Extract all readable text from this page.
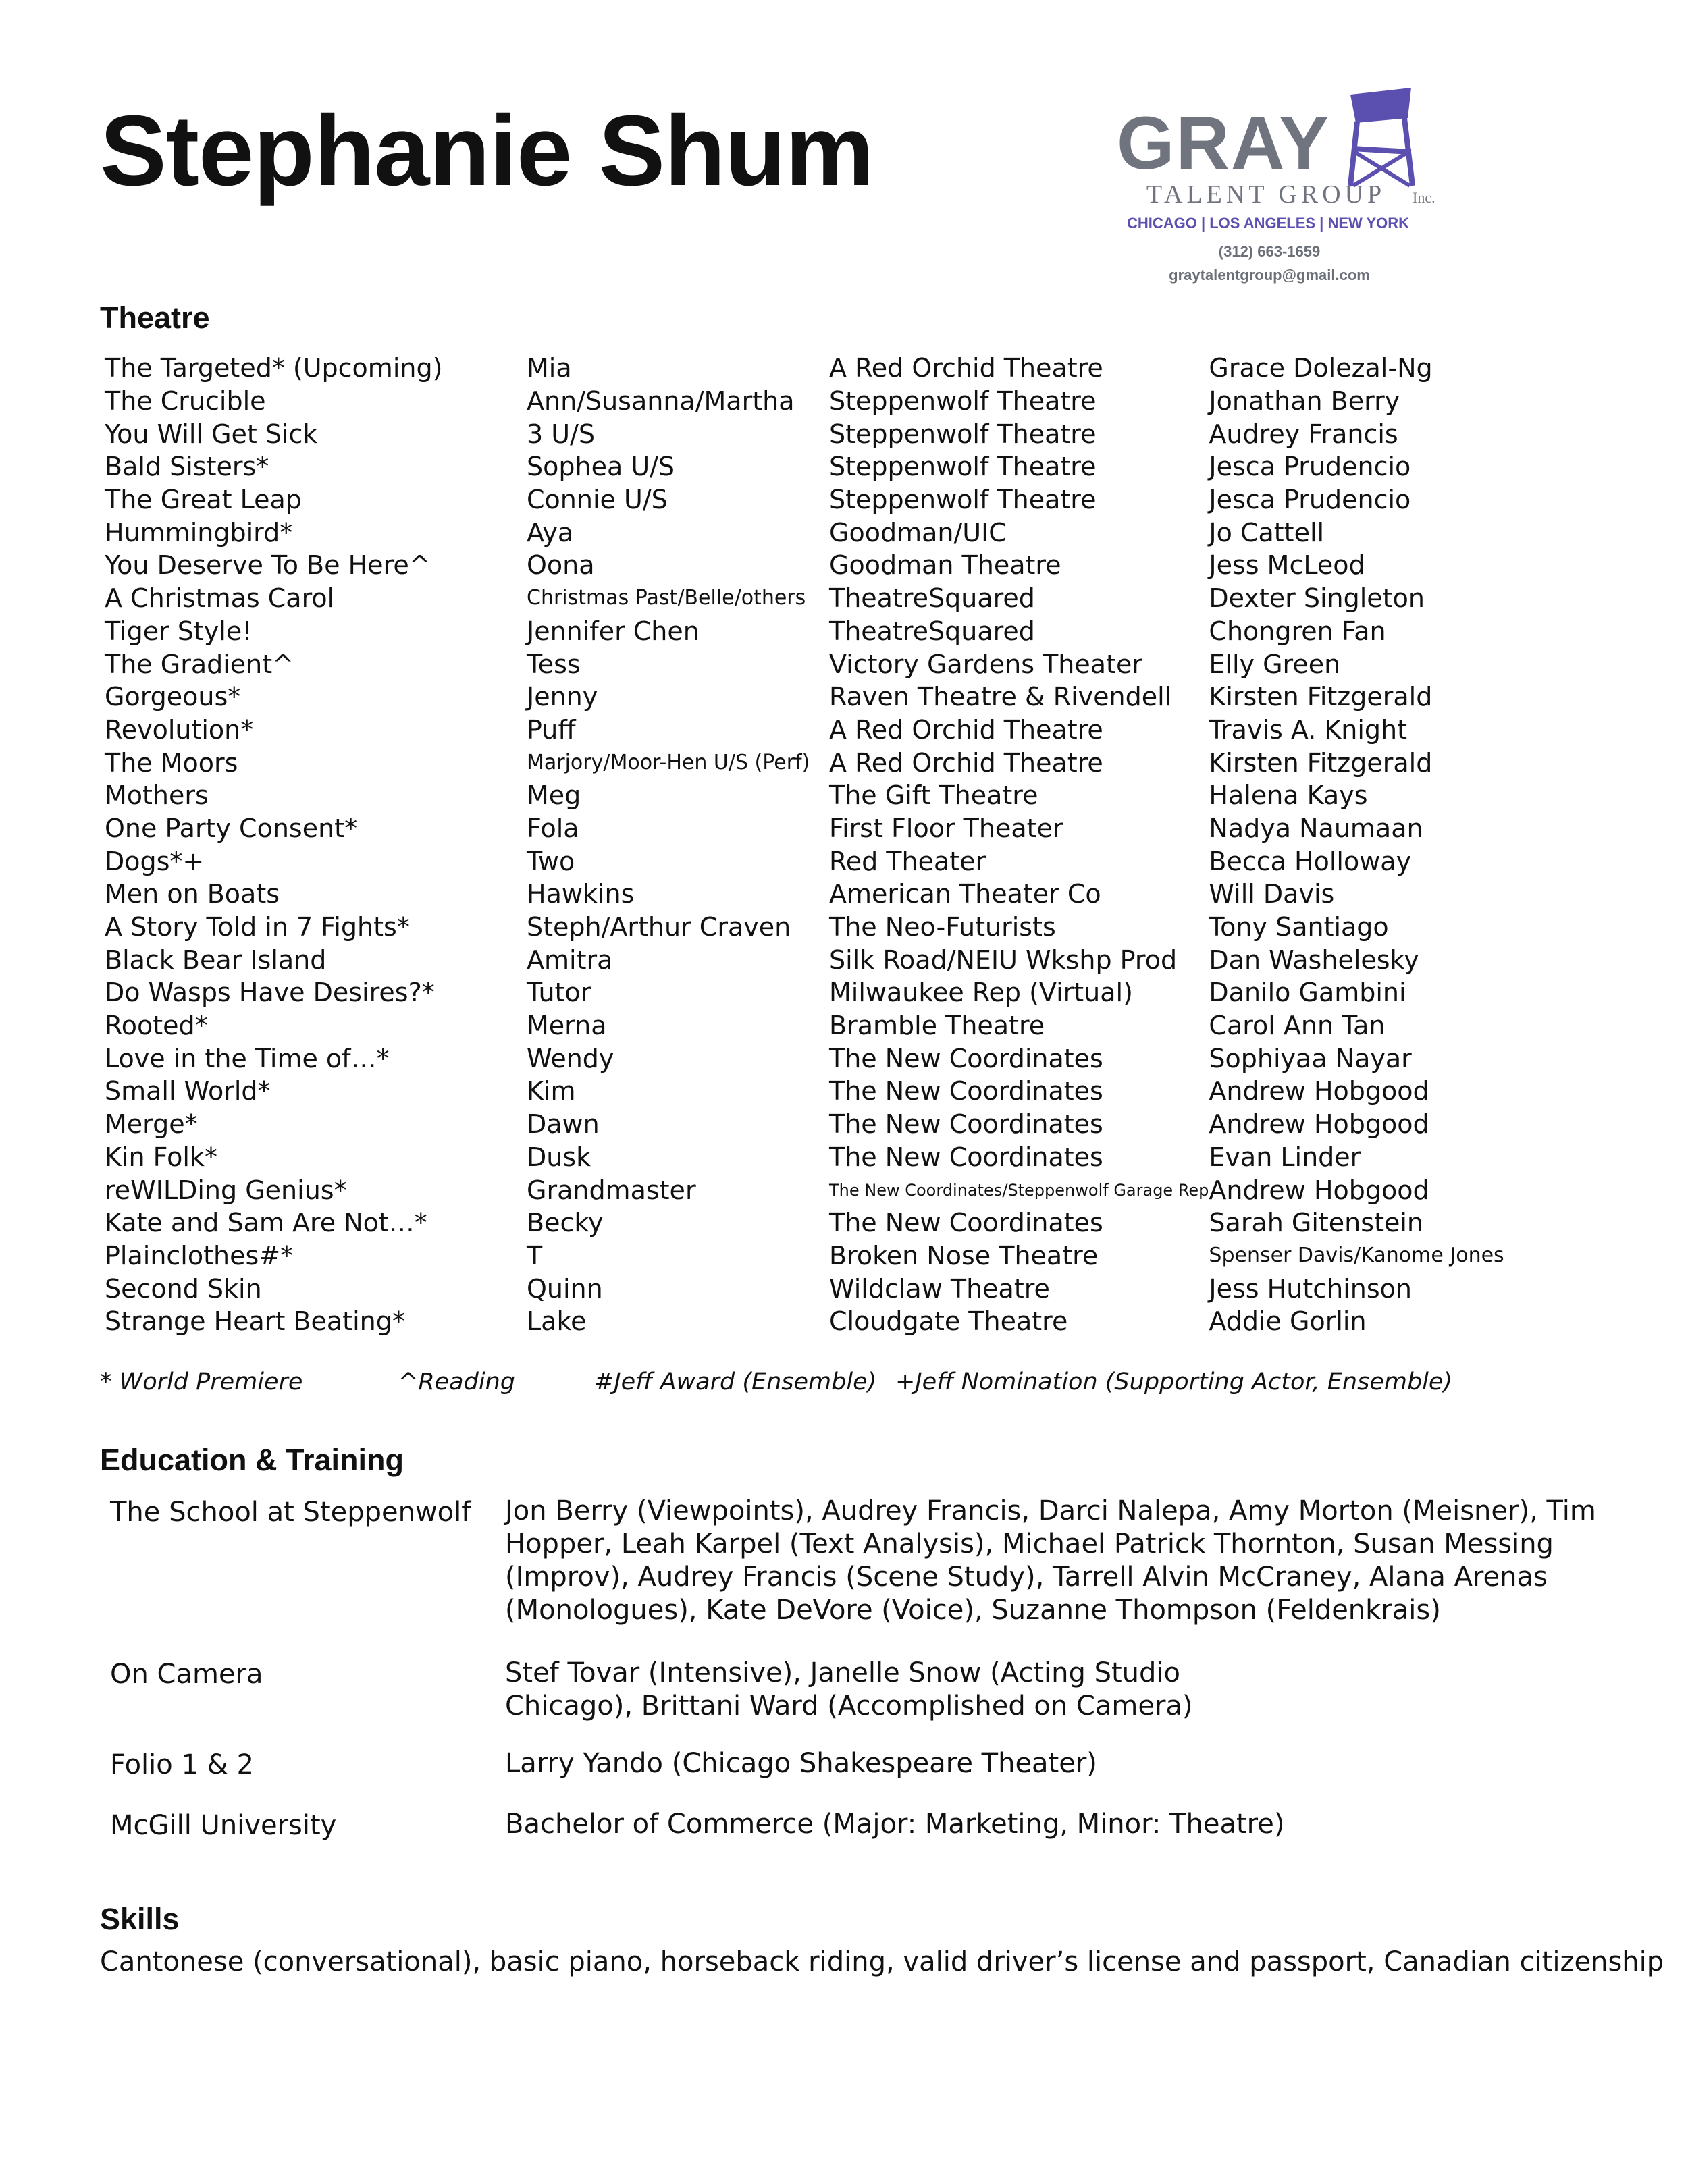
Stephanie Shum	GRAY
TALENT GROUP	Inc.
CHICAGO | LOS ANGELES | NEW YORK
(312) 663-1659
graytalentgroup@gmail.com
Theatre
The Targeted* (Upcoming)	Mia	A Red Orchid Theatre	Grace Dolezal-Ng
The Crucible	Ann/Susanna/Martha	Steppenwolf Theatre	Jonathan Berry
You Will Get Sick	3 U/S	Steppenwolf Theatre	Audrey Francis
Bald Sisters*	Sophea U/S	Steppenwolf Theatre	Jesca Prudencio
The Great Leap	Connie U/S	Steppenwolf Theatre	Jesca Prudencio
Hummingbird*	Aya	Goodman/UIC	Jo Cattell
You Deserve To Be Here^	Oona	Goodman Theatre	Jess McLeod
A Christmas Carol	Christmas Past/Belle/others	TheatreSquared	Dexter Singleton
Tiger Style!	Jennifer Chen	TheatreSquared	Chongren Fan
The Gradient^	Tess	Victory Gardens Theater	Elly Green
Gorgeous*	Jenny	Raven Theatre & Rivendell	Kirsten Fitzgerald
Revolution*	Puff	A Red Orchid Theatre	Travis A. Knight
The Moors	Marjory/Moor-Hen U/S (Perf)	A Red Orchid Theatre	Kirsten Fitzgerald
Mothers	Meg	The Gift Theatre	Halena Kays
One Party Consent*	Fola	First Floor Theater	Nadya Naumaan
Dogs*+	Two	Red Theater	Becca Holloway
Men on Boats	Hawkins	American Theater Co	Will Davis
A Story Told in 7 Fights*	Steph/Arthur Craven	The Neo-Futurists	Tony Santiago
Black Bear Island	Amitra	Silk Road/NEIU Wkshp Prod	Dan Washelesky
Do Wasps Have Desires?*	Tutor	Milwaukee Rep (Virtual)	Danilo Gambini
Rooted*	Merna	Bramble Theatre	Carol Ann Tan
Love in the Time of…*	Wendy	The New Coordinates	Sophiyaa Nayar
Small World*	Kim	The New Coordinates	Andrew Hobgood
Merge*	Dawn	The New Coordinates	Andrew Hobgood
Kin Folk*	Dusk	The New Coordinates	Evan Linder
reWILDing Genius*	Grandmaster	The New Coordinates/Steppenwolf Garage Rep	Andrew Hobgood
Kate and Sam Are Not…*	Becky	The New Coordinates	Sarah Gitenstein
Plainclothes#*	T	Broken Nose Theatre	Spenser Davis/Kanome Jones
Second Skin	Quinn	Wildclaw Theatre	Jess Hutchinson
Strange Heart Beating*	Lake	Cloudgate Theatre	Addie Gorlin
* World Premiere	^Reading	#Jeff Award (Ensemble) +Jeff Nomination (Supporting Actor, Ensemble)
Education & Training
The School at Steppenwolf Jon Berry (Viewpoints), Audrey Francis, Darci Nalepa, Amy Morton (Meisner), Tim Hopper, Leah Karpel (Text Analysis), Michael Patrick Thornton, Susan Messing (Improv), Audrey Francis (Scene Study), Tarrell Alvin McCraney, Alana Arenas (Monologues), Kate DeVore (Voice), Suzanne Thompson (Feldenkrais)
On Camera	Stef Tovar (Intensive), Janelle Snow (Acting Studio Chicago), Brittani Ward (Accomplished on Camera)
Folio 1 & 2	Larry Yando (Chicago Shakespeare Theater)
McGill University	Bachelor of Commerce (Major: Marketing, Minor: Theatre)
Skills
Cantonese (conversational), basic piano, horseback riding, valid driver’s license and passport, Canadian citizenship
